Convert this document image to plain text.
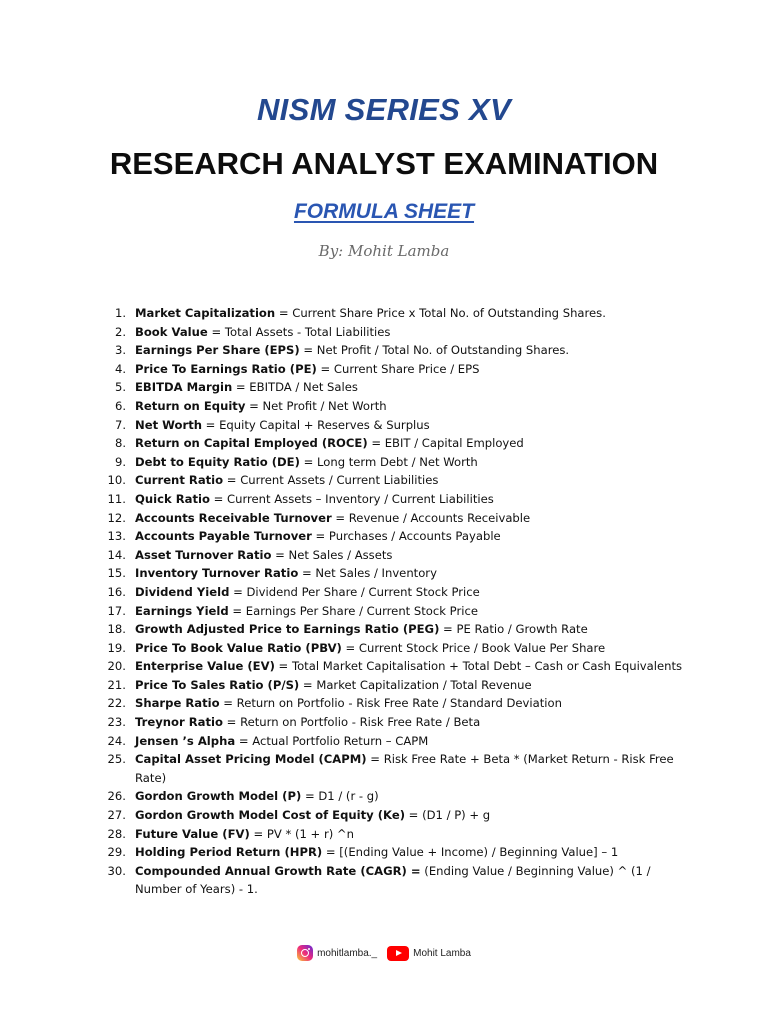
NISM SERIES XV
RESEARCH ANALYST EXAMINATION
FORMULA SHEET
By: Mohit Lamba
1. Market Capitalization = Current Share Price x Total No. of Outstanding Shares.
2. Book Value = Total Assets - Total Liabilities
3. Earnings Per Share (EPS) = Net Profit / Total No. of Outstanding Shares.
4. Price To Earnings Ratio (PE) = Current Share Price / EPS
5. EBITDA Margin = EBITDA / Net Sales
6. Return on Equity = Net Profit / Net Worth
7. Net Worth = Equity Capital + Reserves & Surplus
8. Return on Capital Employed (ROCE) = EBIT / Capital Employed
9. Debt to Equity Ratio (DE) = Long term Debt / Net Worth
10. Current Ratio = Current Assets / Current Liabilities
11. Quick Ratio = Current Assets – Inventory / Current Liabilities
12. Accounts Receivable Turnover = Revenue / Accounts Receivable
13. Accounts Payable Turnover = Purchases / Accounts Payable
14. Asset Turnover Ratio = Net Sales / Assets
15. Inventory Turnover Ratio = Net Sales / Inventory
16. Dividend Yield = Dividend Per Share / Current Stock Price
17. Earnings Yield = Earnings Per Share / Current Stock Price
18. Growth Adjusted Price to Earnings Ratio (PEG) = PE Ratio / Growth Rate
19. Price To Book Value Ratio (PBV) = Current Stock Price / Book Value Per Share
20. Enterprise Value (EV) = Total Market Capitalisation + Total Debt – Cash or Cash Equivalents
21. Price To Sales Ratio (P/S) = Market Capitalization / Total Revenue
22. Sharpe Ratio = Return on Portfolio - Risk Free Rate / Standard Deviation
23. Treynor Ratio = Return on Portfolio - Risk Free Rate / Beta
24. Jensen ’s Alpha = Actual Portfolio Return – CAPM
25. Capital Asset Pricing Model (CAPM) = Risk Free Rate + Beta * (Market Return - Risk Free Rate)
26. Gordon Growth Model (P) = D1 / (r - g)
27. Gordon Growth Model Cost of Equity (Ke) = (D1 / P) + g
28. Future Value (FV) = PV * (1 + r) ^n
29. Holding Period Return (HPR) = [(Ending Value + Income) / Beginning Value] – 1
30. Compounded Annual Growth Rate (CAGR) = (Ending Value / Beginning Value) ^ (1 / Number of Years) - 1.
mohitlamba._	Mohit Lamba
